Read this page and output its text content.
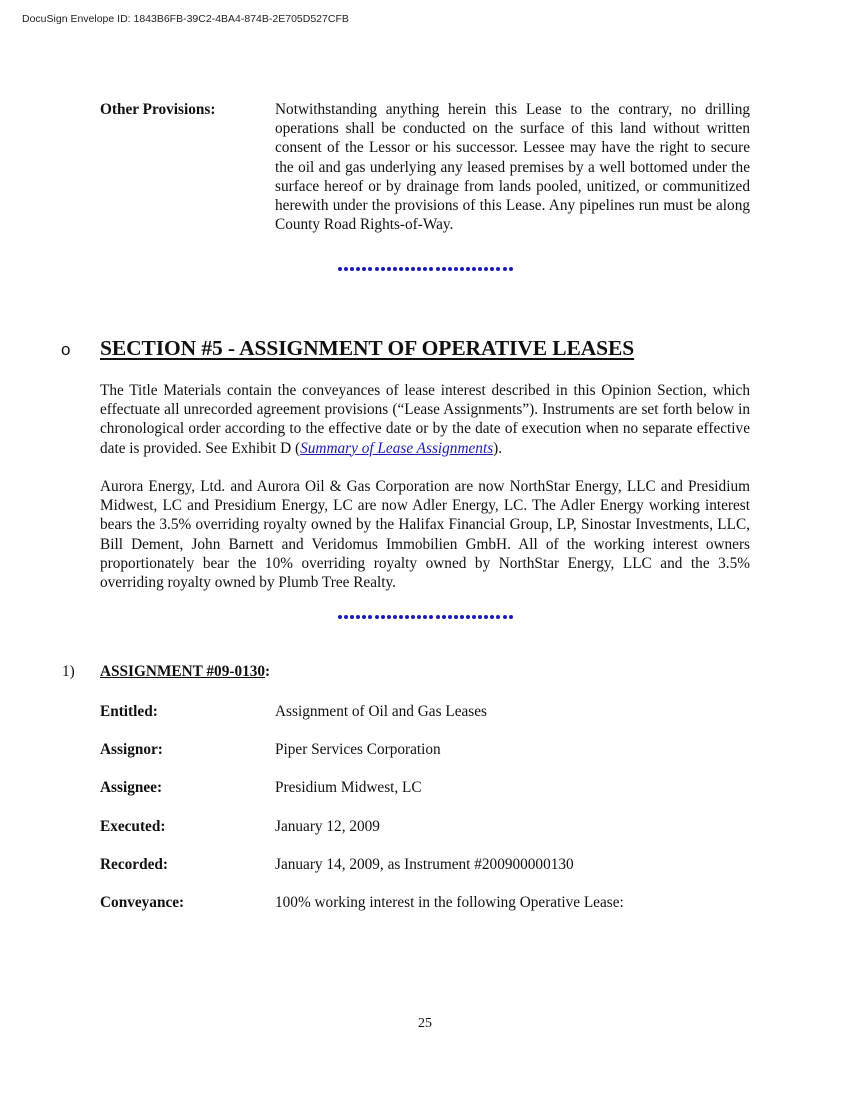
DocuSign Envelope ID: 1843B6FB-39C2-4BA4-874B-2E705D527CFB
Other Provisions:	Notwithstanding anything herein this Lease to the contrary, no drilling operations shall be conducted on the surface of this land without written consent of the Lessor or his successor. Lessee may have the right to secure the oil and gas underlying any leased premises by a well bottomed under the surface hereof or by drainage from lands pooled, unitized, or communitized herewith under the provisions of this Lease. Any pipelines run must be along County Road Rights-of-Way.
o SECTION #5 - ASSIGNMENT OF OPERATIVE LEASES
The Title Materials contain the conveyances of lease interest described in this Opinion Section, which effectuate all unrecorded agreement provisions (“Lease Assignments”). Instruments are set forth below in chronological order according to the effective date or by the date of execution when no separate effective date is provided. See Exhibit D (Summary of Lease Assignments).
Aurora Energy, Ltd. and Aurora Oil & Gas Corporation are now NorthStar Energy, LLC and Presidium Midwest, LC and Presidium Energy, LC are now Adler Energy, LC. The Adler Energy working interest bears the 3.5% overriding royalty owned by the Halifax Financial Group, LP, Sinostar Investments, LLC, Bill Dement, John Barnett and Veridomus Immobilien GmbH. All of the working interest owners proportionately bear the 10% overriding royalty owned by NorthStar Energy, LLC and the 3.5% overriding royalty owned by Plumb Tree Realty.
1) ASSIGNMENT #09-0130:
Entitled:	Assignment of Oil and Gas Leases
Assignor:	Piper Services Corporation
Assignee:	Presidium Midwest, LC
Executed:	January 12, 2009
Recorded:	January 14, 2009, as Instrument #200900000130
Conveyance:	100% working interest in the following Operative Lease:
25
